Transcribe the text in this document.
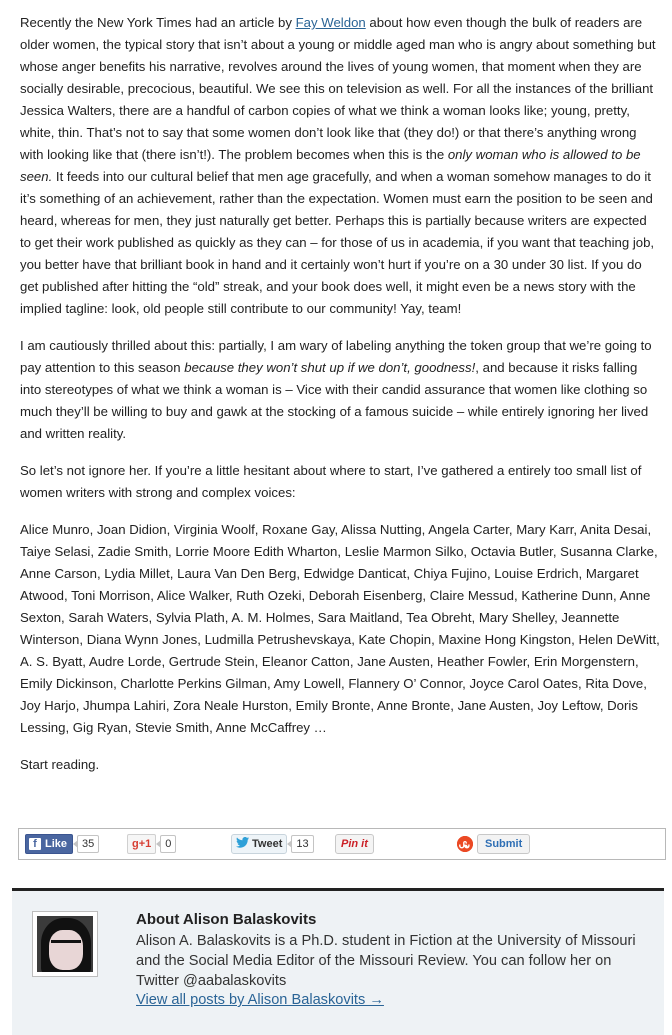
Recently the New York Times had an article by Fay Weldon about how even though the bulk of readers are older women, the typical story that isn’t about a young or middle aged man who is angry about something but whose anger benefits his narrative, revolves around the lives of young women, that moment when they are socially desirable, precocious, beautiful. We see this on television as well. For all the instances of the brilliant Jessica Walters, there are a handful of carbon copies of what we think a woman looks like; young, pretty, white, thin. That’s not to say that some women don’t look like that (they do!) or that there’s anything wrong with looking like that (there isn’t!). The problem becomes when this is the only woman who is allowed to be seen. It feeds into our cultural belief that men age gracefully, and when a woman somehow manages to do it it’s something of an achievement, rather than the expectation. Women must earn the position to be seen and heard, whereas for men, they just naturally get better. Perhaps this is partially because writers are expected to get their work published as quickly as they can – for those of us in academia, if you want that teaching job, you better have that brilliant book in hand and it certainly won’t hurt if you’re on a 30 under 30 list. If you do get published after hitting the “old” streak, and your book does well, it might even be a news story with the implied tagline: look, old people still contribute to our community! Yay, team!

I am cautiously thrilled about this: partially, I am wary of labeling anything the token group that we’re going to pay attention to this season because they won’t shut up if we don’t, goodness!, and because it risks falling into stereotypes of what we think a woman is – Vice with their candid assurance that women like clothing so much they’ll be willing to buy and gawk at the stocking of a famous suicide – while entirely ignoring her lived and written reality.

So let’s not ignore her. If you’re a little hesitant about where to start, I’ve gathered a entirely too small list of women writers with strong and complex voices:

Alice Munro, Joan Didion, Virginia Woolf, Roxane Gay, Alissa Nutting, Angela Carter, Mary Karr, Anita Desai, Taiye Selasi, Zadie Smith, Lorrie Moore Edith Wharton, Leslie Marmon Silko, Octavia Butler, Susanna Clarke, Anne Carson, Lydia Millet, Laura Van Den Berg, Edwidge Danticat, Chiya Fujino, Louise Erdrich, Margaret Atwood, Toni Morrison, Alice Walker, Ruth Ozeki, Deborah Eisenberg, Claire Messud, Katherine Dunn, Anne Sexton, Sarah Waters, Sylvia Plath, A. M. Holmes, Sara Maitland, Tea Obreht, Mary Shelley, Jeannette Winterson, Diana Wynn Jones, Ludmilla Petrushevskaya, Kate Chopin, Maxine Hong Kingston, Helen DeWitt, A. S. Byatt, Audre Lorde, Gertrude Stein, Eleanor Catton, Jane Austen, Heather Fowler, Erin Morgenstern, Emily Dickinson, Charlotte Perkins Gilman, Amy Lowell, Flannery O’ Connor, Joyce Carol Oates, Rita Dove, Joy Harjo, Jhumpa Lahiri, Zora Neale Hurston, Emily Bronte, Anne Bronte, Jane Austen, Joy Leftow, Doris Lessing, Gig Ryan, Stevie Smith, Anne McCaffrey …

Start reading.

f Like	35	g+1	0	Tweet	13	Pin it	Submit
About Alison Balaskovits
Alison A. Balaskovits is a Ph.D. student in Fiction at the University of Missouri and the Social Media Editor of the Missouri Review. You can follow her on Twitter @aabalaskovits
View all posts by Alison Balaskovits →
